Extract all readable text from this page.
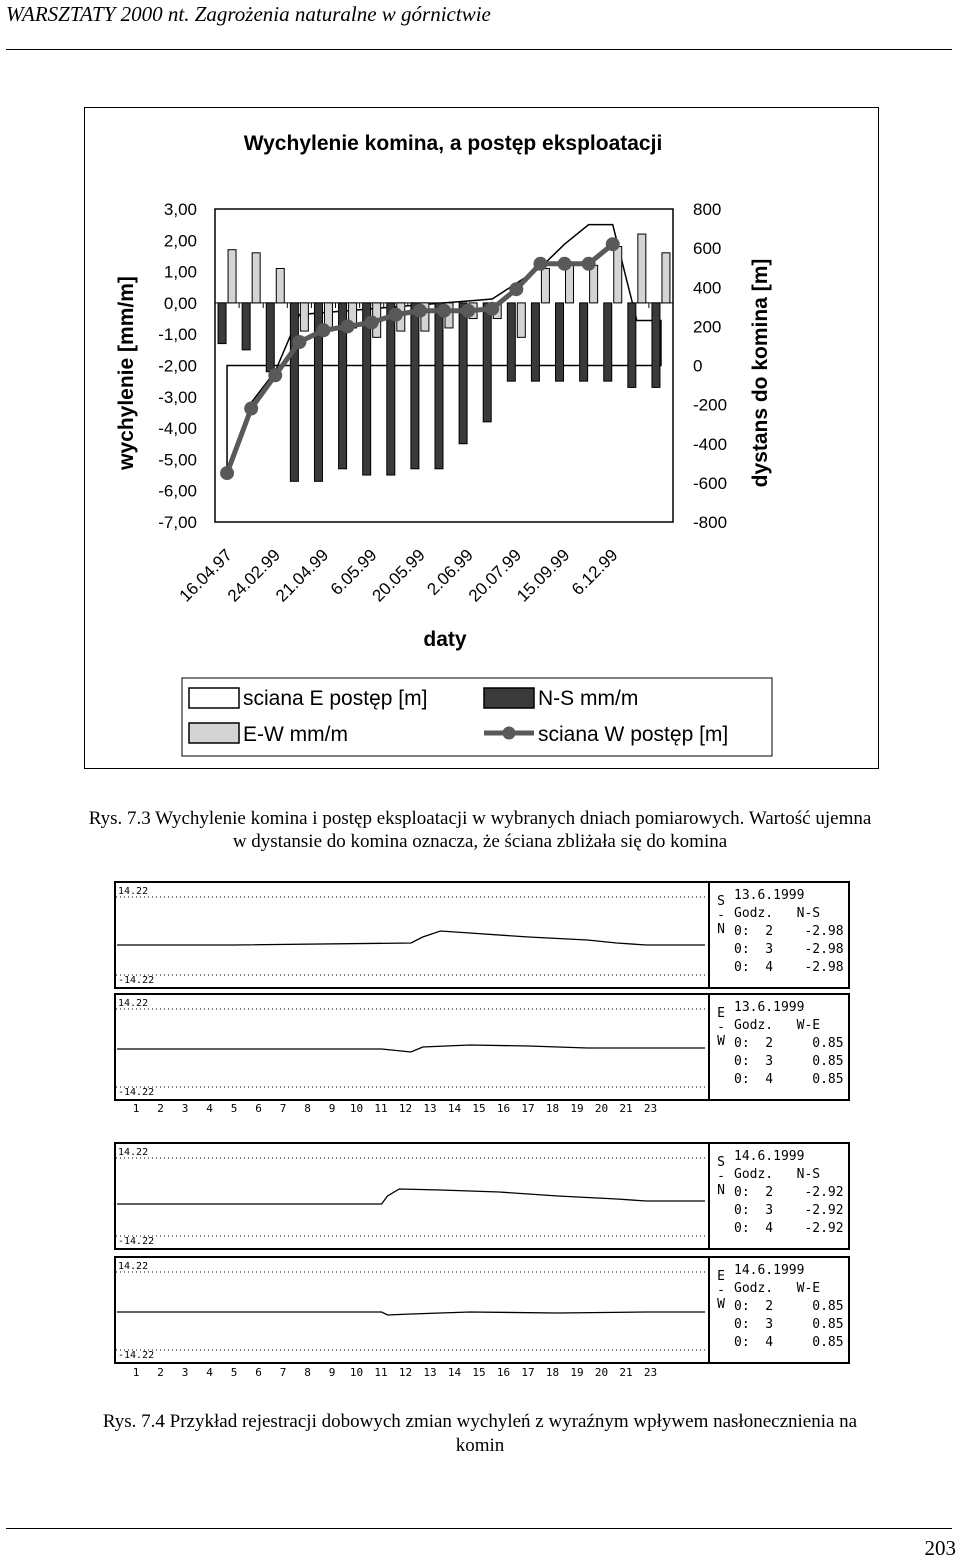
WARSZTATY 2000 nt. Zagrożenia naturalne w górnictwie
Wychylenie komina, a postęp eksploatacji
3,00
2,00
1,00
0,00
-1,00
-2,00
-3,00
-4,00
-5,00
-6,00
-7,00
800
600
400
200
0
-200
-400
-600
-800
wychylenie [mm/m]	dystans do komina [m]
16.04.97
24.02.99
21.04.99
6.05.99
20.05.99
2.06.99
20.07.99
15.09.99
6.12.99
daty
sciana E postęp [m]	N-S mm/m
E-W mm/m	sciana W postęp [m]
Rys. 7.3 Wychylenie komina i postęp eksploatacji w wybranych dniach pomiarowych. Wartość ujemna
w dystansie do komina oznacza, że ściana zbliżała się do komina
14.22
-14.22
S
-
N
13.6.1999
Godz.   N-S
0:  2    -2.98
0:  3    -2.98
0:  4    -2.98
14.22
-14.22
E
-
W
13.6.1999
Godz.   W-E
0:  2     0.85
0:  3     0.85
0:  4     0.85
14.22
-14.22
S
-
N
14.6.1999
Godz.   N-S
0:  2    -2.92
0:  3    -2.92
0:  4    -2.92
14.22
-14.22
E
-
W
14.6.1999
Godz.   W-E
0:  2     0.85
0:  3     0.85
0:  4     0.85
1 2 3 4 5 6 7 8 9 10 11 12 13 14 15 16 17 18 19 20 21 23
1 2 3 4 5 6 7 8 9 10 11 12 13 14 15 16 17 18 19 20 21 23
Rys. 7.4 Przykład rejestracji dobowych zmian wychyleń z wyraźnym wpływem nasłonecznienia na
komin
203
